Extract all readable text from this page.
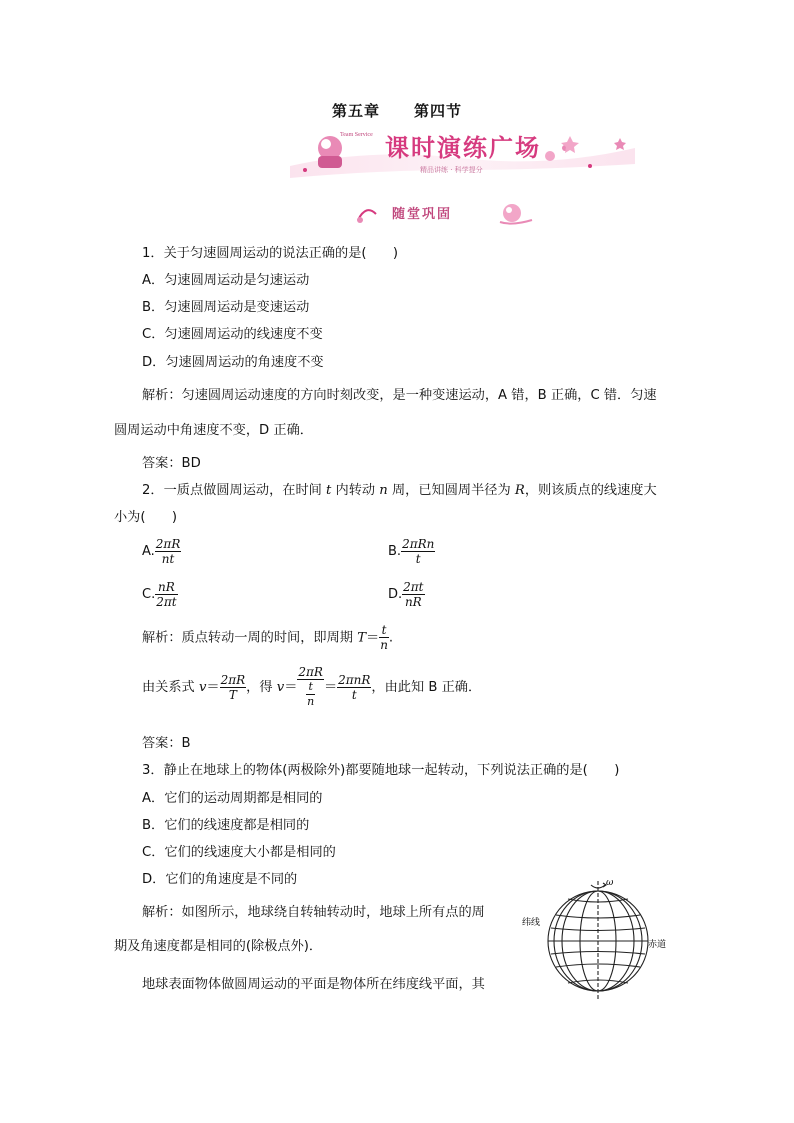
第五章 第四节
Team Service 课时演练广场
精品讲练 · 科学提分
随堂巩固
1．关于匀速圆周运动的说法正确的是(　　)
A．匀速圆周运动是匀速运动
B．匀速圆周运动是变速运动
C．匀速圆周运动的线速度不变
D．匀速圆周运动的角速度不变
解析：匀速圆周运动速度的方向时刻改变，是一种变速运动，A 错，B 正确，C 错．匀速
圆周运动中角速度不变，D 正确．
答案：BD
2．一质点做圆周运动，在时间 t 内转动 n 周，已知圆周半径为 R，则该质点的线速度大
小为(　　)
A. $\frac{2\pi R}{nt}$	B. $\frac{\text{2πRn}}{t}$
C. $\frac{nR}{2\pi t}$	D. $\frac{2\pi t}{nR}$
解析：质点转动一周的时间，即周期 $T= \frac{t}{n}$ .
由关系式 $v= \frac{2\pi R}{T}$ ，得 $v= \frac{2\pi R}{\frac{t}{n}} = \frac{\text{2πnR}}{t}$ ，由此知 B 正确．
答案：B
3．静止在地球上的物体(两极除外)都要随地球一起转动，下列说法正确的是(　　)
A．它们的运动周期都是相同的
B．它们的线速度都是相同的
C．它们的线速度大小都是相同的
D．它们的角速度是不同的
解析：如图所示，地球绕自转轴转动时，地球上所有点的周
期及角速度都是相同的(除极点外)．
地球表面物体做圆周运动的平面是物体所在纬度线平面，其
ω
纬线
赤道
